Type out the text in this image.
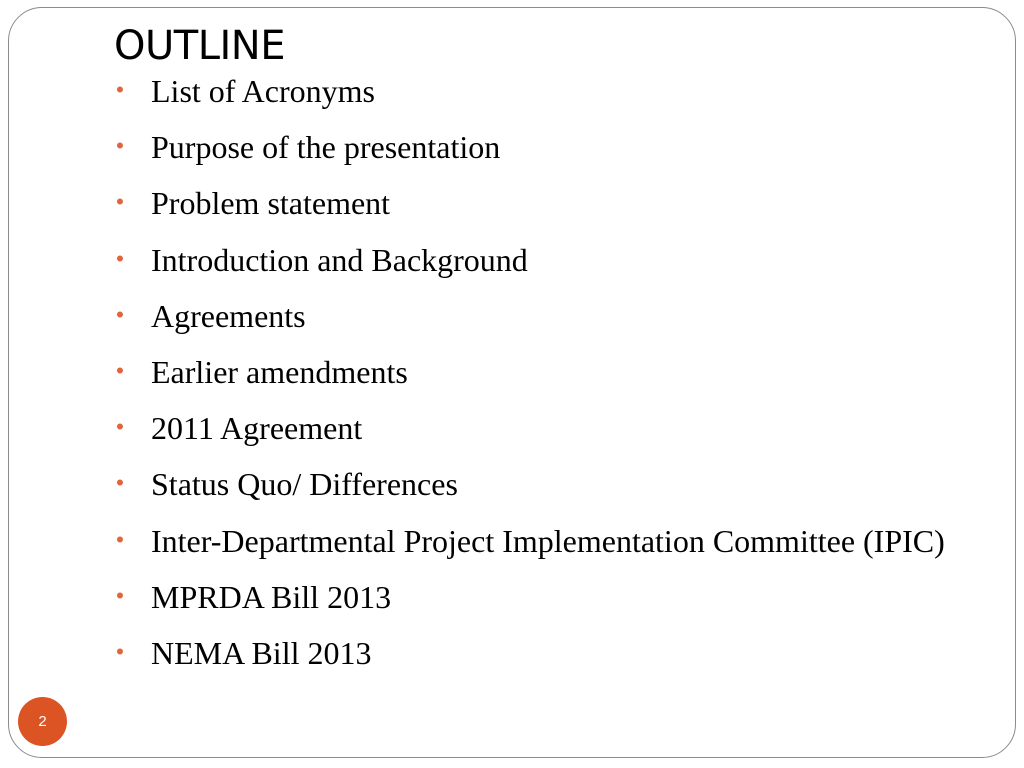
OUTLINE
• List of Acronyms
• Purpose of the presentation
• Problem statement
• Introduction and Background
• Agreements
• Earlier amendments
• 2011 Agreement
• Status Quo/ Differences
• Inter-Departmental Project Implementation Committee (IPIC)
• MPRDA Bill 2013
• NEMA Bill 2013
2
